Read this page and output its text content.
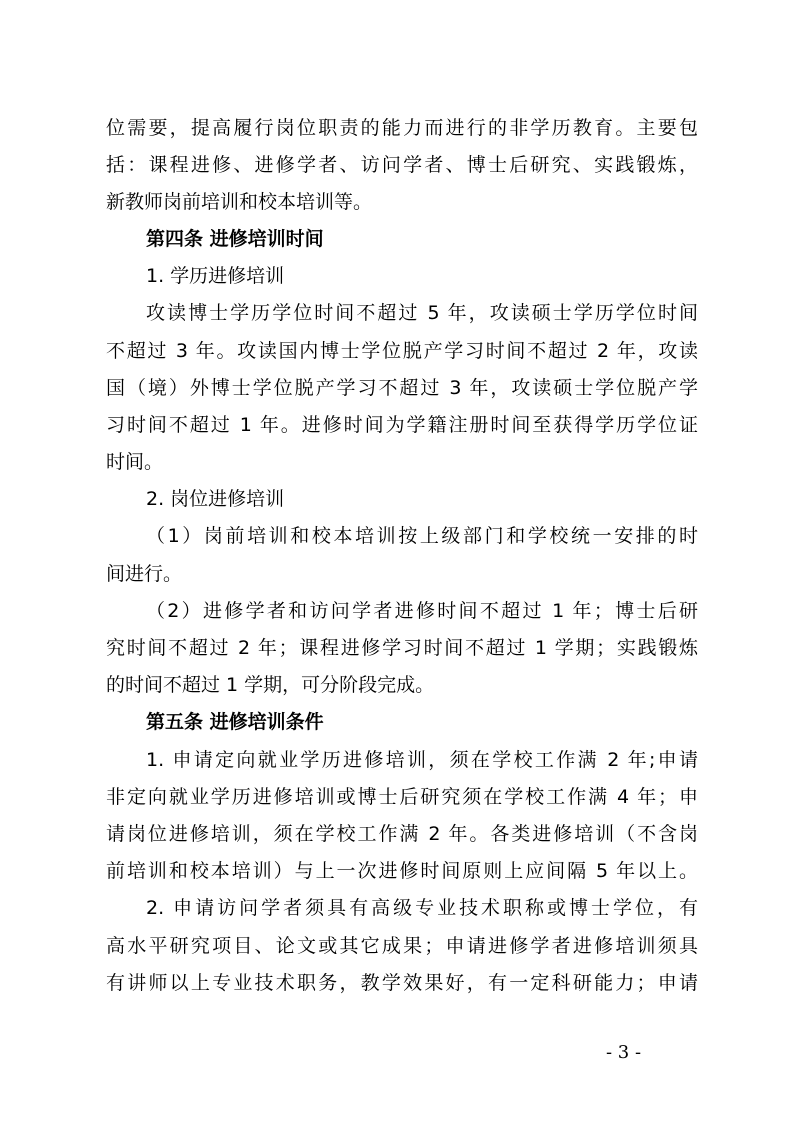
位需要，提高履行岗位职责的能力而进行的非学历教育。主要包
括：课程进修、进修学者、访问学者、博士后研究、实践锻炼，
新教师岗前培训和校本培训等。
第四条 进修培训时间
1. 学历进修培训
攻读博士学历学位时间不超过 5 年，攻读硕士学历学位时间
不超过 3 年。攻读国内博士学位脱产学习时间不超过 2 年，攻读
国（境）外博士学位脱产学习不超过 3 年，攻读硕士学位脱产学
习时间不超过 1 年。进修时间为学籍注册时间至获得学历学位证
时间。
2. 岗位进修培训
（1）岗前培训和校本培训按上级部门和学校统一安排的时
间进行。
（2）进修学者和访问学者进修时间不超过 1 年；博士后研
究时间不超过 2 年；课程进修学习时间不超过 1 学期；实践锻炼
的时间不超过 1 学期，可分阶段完成。
第五条 进修培训条件
1. 申请定向就业学历进修培训，须在学校工作满 2 年;申请
非定向就业学历进修培训或博士后研究须在学校工作满 4 年；申
请岗位进修培训，须在学校工作满 2 年。各类进修培训（不含岗
前培训和校本培训）与上一次进修时间原则上应间隔 5 年以上。
2. 申请访问学者须具有高级专业技术职称或博士学位，有
高水平研究项目、论文或其它成果；申请进修学者进修培训须具
有讲师以上专业技术职务，教学效果好，有一定科研能力；申请
- 3 -
